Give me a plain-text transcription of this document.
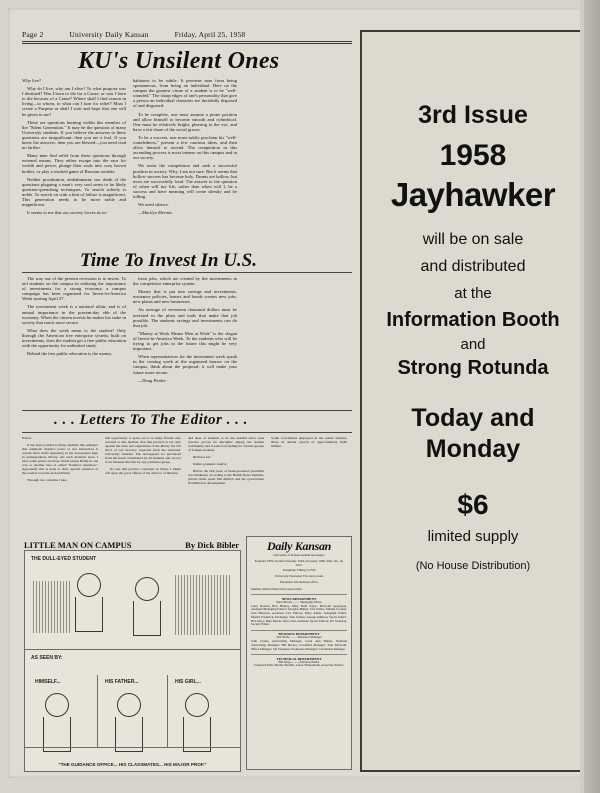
Page 2	University Daily Kansan	Friday, April 25, 1958
KU's Unsilent Ones

Why live?

Why do I live, why am I alive? To what purpose was I destined? Was I born to die for a Cause, or was I born to die because of a Cause? Where shall I find reason in living—to whom, to what can I turn for relief? Must I create a Purpose or shall I wait and hope that one will be given to me?

These are questions burning within this member of the "Silent Generation." It may be the question of many University students. If you believe the answers to these questions are insignificant, then you are a fool. If you knew the answers, then you are blessed—you need read no farther.

Many men find relief from these questions through external means. They either escape into the race for wealth and power, plunge their souls into cozy brown bottles, or play a stacked game of Russian roulette.

Neither prostitution, embalmment, nor death of the questions plaguing a man's very soul seem to be likely question-quenching techniques. To search soberly is noble. To search on with a hint of failure is magnificent. This generation needs to be more noble and magnificent.

It seems to me that our society forces its in-

habitants to be subtle. It prevents man from being spontaneous, from being an individual. Here on the campus the greatest virtue of a student is to be "well-rounded." The sharp edges of one's personality that give a person an individual character are decidedly disposed of and disguised.

To be complete, one must assume a prone position and allow himself to become smooth and cylindrical. One must be relatively bright, pleasing to the eye, and have a fair share of the social graces.

To be a success, one must subtly proclaim his "well-roundedness," present a few cautious ideas, and then allow himself to ascend. The competition in this ascending process is most intense on this campus and in our society.

We resist the competition and seek a successful position in society. Why, I am not sure. But it seems that hollow success has become holy. Drums are hollow, but most are successfully loud. The answer to the question of when will my life, rather than when will I, be a success and have meaning will come silently and be tolling.

We need silence.

—Marilyn Mermis

Time To Invest In U.S.

The way out of the present recession is to invest. To aid students on the campus in realizing the importance of investments for a strong economy, a campus campaign has been organized for Invest-in-America Week starting April 27.

The investment week is a national affair, and is of annual importance in the present-day ebb of the economy. When the citizen invests he makes his stake in society that much more secure.

What does the week mean to the student? Only through the American free enterprise system, built on investments, does the student get a free public education with the opportunity for unlimited study.

Behind the free public education is the money

from jobs, which are created by the investments in the competitive enterprise system.

Money that is put into savings and investments, insurance policies, homes and bonds creates new jobs, new plants and new businesses.

An average of seventeen thousand dollars must be invested in the plant and tools that make that job possible. The students savings and investments can do that job.

"Money at Work Means Men at Work" is the slogan of Invest-in-America Week. To the students who will be trying to get jobs in the future this might be very important.

When representatives for the investment week speak in the coming week at the organized houses on the campus, think about the proposal; it will make your future more secure.

—Doug Parker

. . . Letters To The Editor . . .

Editor:

It has been pointed to many students this semester that emphatic matter's point of test instruction it certain news items appearing in the newspapers kept in undergraduate library. All such material news I have some points are those which please Reilly in one way or another user as called "Kadinov Question." Apparently this is done to draw special attention of the readers towards such publicity.

Through two columns I take

this opportunity to point out to as many friends who resorted to this method, that this practice is not only against the rules and regulations of the library but fall short of any decency expected from the educated. University students. The newspapers are purchased from the funds contributed by all students and are not to be misused like this by any particular group.

In case this practice continues in future I might call upon the good offices of the director of libraries

and dean of students to do the needful since such practice proves its discipline among the student community and creates bad feeling for various groups of foreign students.

Barbara Lal

Indian graduate student

Before the first dose of mass-produced penicillin was marketed, according to the Health News Institute, private firms spent $20 million and the government $3 million in development.

South Carolinians employed in the textile industry share an annual payroll of approximately $440 million.

LITTLE MAN ON CAMPUS	By Dick Bibler
THE DULL-EYED STUDENT
AS SEEN BY:
HIMSELF...	HIS FATHER...	HIS GIRL...
"THE GUIDANCE OFFICE... HIS CLASSMATES... HIS MAJOR PROF."
Daily Kansan
University of Kansas student newspaper
Founded 1878, became biweekly 1904, triweekly 1908, daily Jan. 10, 1912.
Telephone VIking 3-2700
University Extension 354, news room
Extension 324 business office
Member Inland Daily Press Association
NEWS DEPARTMENT
Dick Brown ........ Managing Editor
Larry Boston, Bob Huxley, Mary Beth Sayre, Malcolm Applegate, Assistant Managing Editors; Douglas Hunter, City Editor; Martha Crocker, Jack Harrison, Assistant City Editors; Mary Alden, Telegraph Editor; Martha Frederick, Exchange; Tom Gilbert, George Ambson, Sports Editor; Bob Macy, Dale Morris, Jim Cable, Assistant Sports Editors; Pat Swanson, Society Editor
BUSINESS DEPARTMENT
Ted Wolfe ......... Business Manager
John Clarke, Advertising Manager; Carol Ann Hunter, National Advertising Manager; Bill Becker, Classified Manager; Tom McGrath, Office Manager; Jan Ferguson, Promotion Manager; Circulation Manager
TECHNICAL DEPARTMENT
Bill Mayo ........ Editorial Editor
Frederick Hall, Martha Mermis, Lance Pinnermann, Associate Editors
3rd Issue
1958
Jayhawker
will be on sale
and distributed
at the
Information Booth
and
Strong Rotunda
Today and
Monday
$6
limited supply
(No House Distribution)
